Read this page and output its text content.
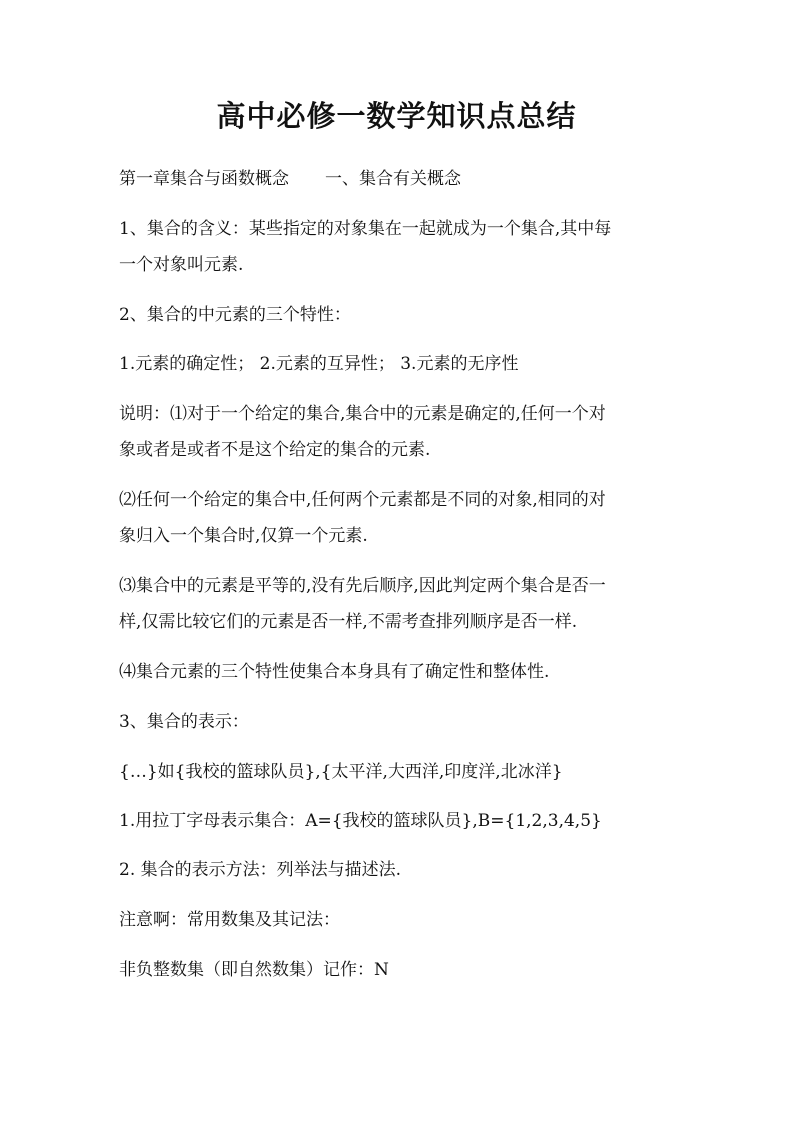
高中必修一数学知识点总结
第一章集合与函数概念 一、集合有关概念
1、集合的含义：某些指定的对象集在一起就成为一个集合,其中每
一个对象叫元素.
2、集合的中元素的三个特性：
1.元素的确定性； 2.元素的互异性； 3.元素的无序性
说明：⑴对于一个给定的集合,集合中的元素是确定的,任何一个对
象或者是或者不是这个给定的集合的元素.
⑵任何一个给定的集合中,任何两个元素都是不同的对象,相同的对
象归入一个集合时,仅算一个元素.
⑶集合中的元素是平等的,没有先后顺序,因此判定两个集合是否一
样,仅需比较它们的元素是否一样,不需考查排列顺序是否一样.
⑷集合元素的三个特性使集合本身具有了确定性和整体性.
3、集合的表示：
{…}如{我校的篮球队员},{太平洋,大西洋,印度洋,北冰洋}
1.用拉丁字母表示集合：A={我校的篮球队员},B={1,2,3,4,5}
2. 集合的表示方法：列举法与描述法.
注意啊：常用数集及其记法：
非负整数集（即自然数集）记作：N
